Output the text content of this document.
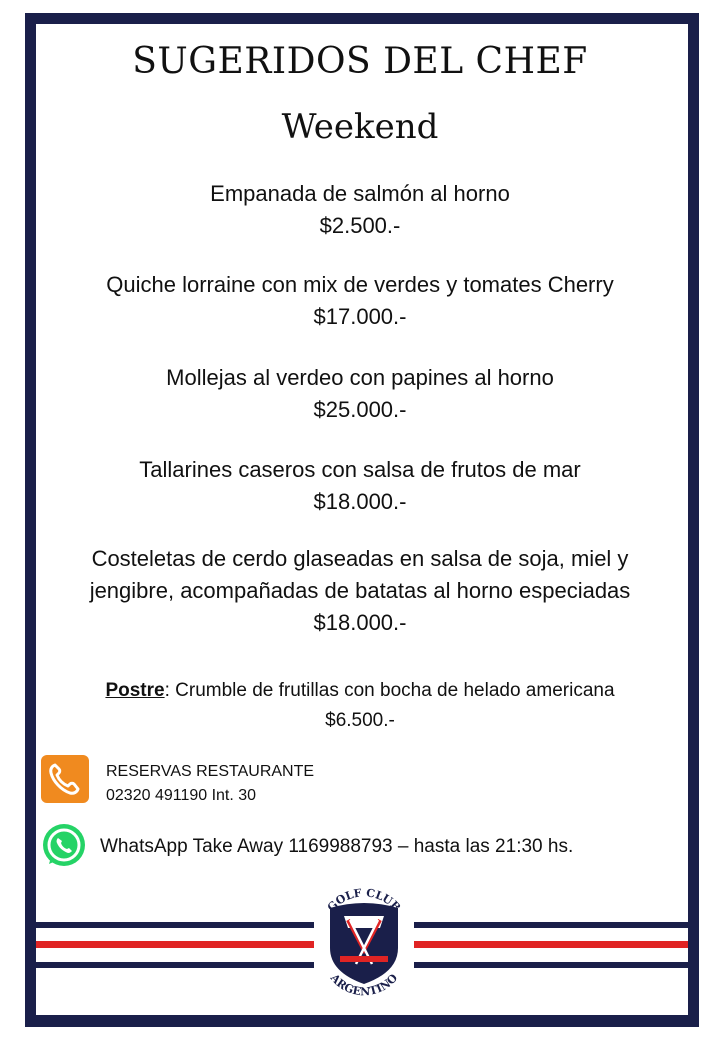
SUGERIDOS DEL CHEF
Weekend
Empanada de salmón al horno
$2.500.-
Quiche lorraine con mix de verdes y tomates Cherry
$17.000.-
Mollejas al verdeo con papines al horno
$25.000.-
Tallarines caseros con salsa de frutos de mar
$18.000.-
Costeletas de cerdo glaseadas en salsa de soja, miel y
jengibre, acompañadas de batatas al horno especiadas
$18.000.-
Postre: Crumble de frutillas con bocha de helado americana
$6.500.-
RESERVAS RESTAURANTE
02320 491190 Int. 30
WhatsApp Take Away 1169988793 – hasta las 21:30 hs.
GOLF CLUB
ARGENTINO
